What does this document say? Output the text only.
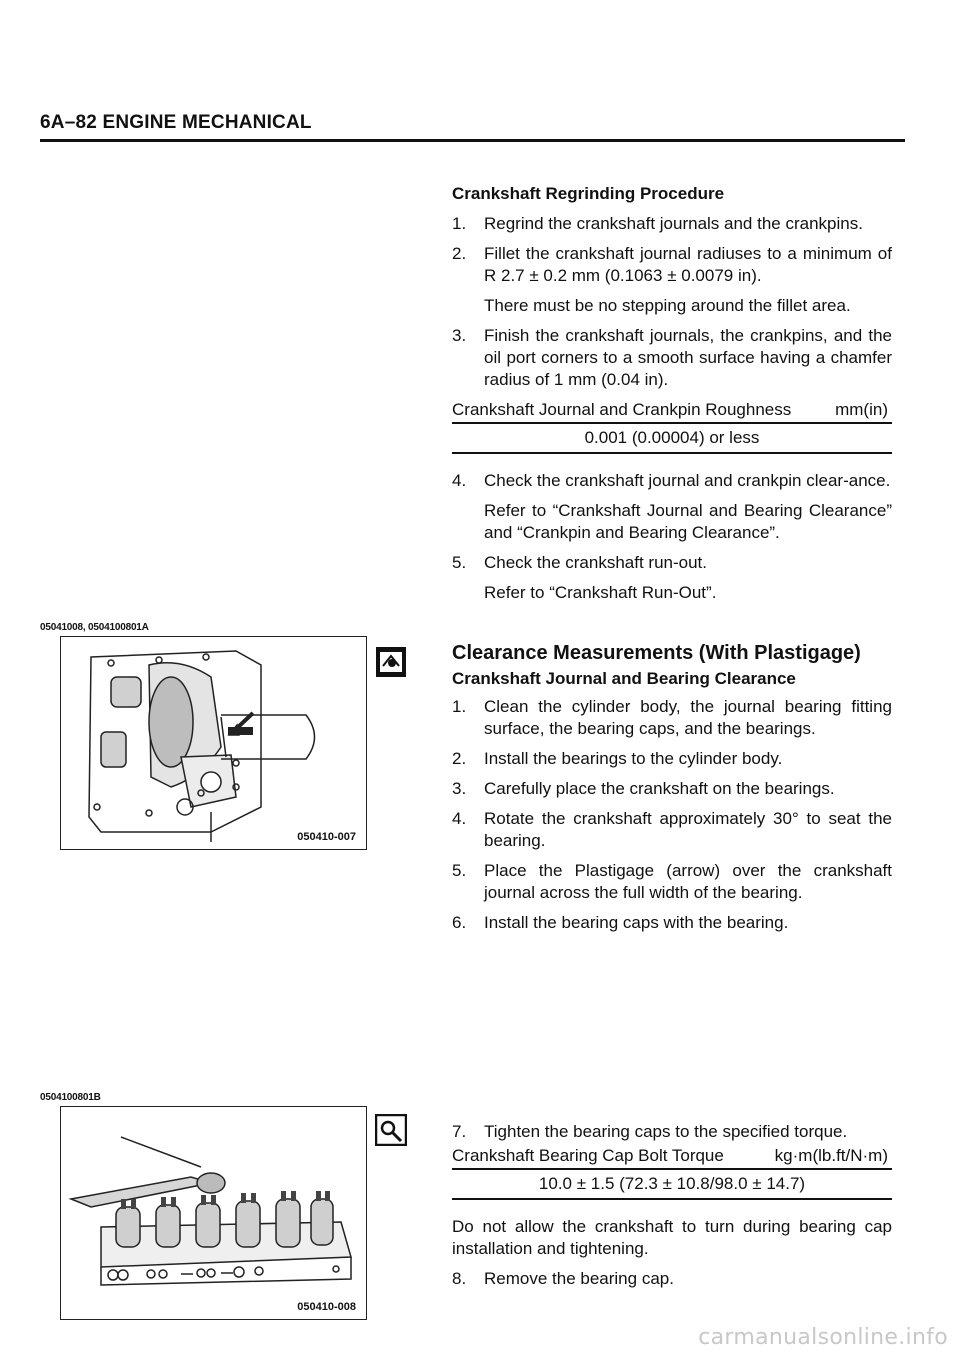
6A–82 ENGINE MECHANICAL
Crankshaft Regrinding Procedure
1. Regrind the crankshaft journals and the crankpins.
2. Fillet the crankshaft journal radiuses to a minimum of R 2.7 ± 0.2 mm (0.1063 ± 0.0079 in).
There must be no stepping around the fillet area.
3. Finish the crankshaft journals, the crankpins, and the oil port corners to a smooth surface having a chamfer radius of 1 mm (0.04 in).
Crankshaft Journal and Crankpin Roughness	mm(in)
0.001 (0.00004) or less
4. Check the crankshaft journal and crankpin clear-ance.
Refer to “Crankshaft Journal and Bearing Clearance” and “Crankpin and Bearing Clearance”.
5. Check the crankshaft run-out.
Refer to “Crankshaft Run-Out”.
05041008, 0504100801A
050410-007
Clearance Measurements (With Plastigage)
Crankshaft Journal and Bearing Clearance
1. Clean the cylinder body, the journal bearing fitting surface, the bearing caps, and the bearings.
2. Install the bearings to the cylinder body.
3. Carefully place the crankshaft on the bearings.
4. Rotate the crankshaft approximately 30° to seat the bearing.
5. Place the Plastigage (arrow) over the crankshaft journal across the full width of the bearing.
6. Install the bearing caps with the bearing.
0504100801B
050410-008
7. Tighten the bearing caps to the specified torque.
Crankshaft Bearing Cap Bolt Torque	kg·m(lb.ft/N·m)
10.0 ± 1.5 (72.3 ± 10.8/98.0 ± 14.7)
Do not allow the crankshaft to turn during bearing cap installation and tightening.
8. Remove the bearing cap.
carmanualsonline.info
